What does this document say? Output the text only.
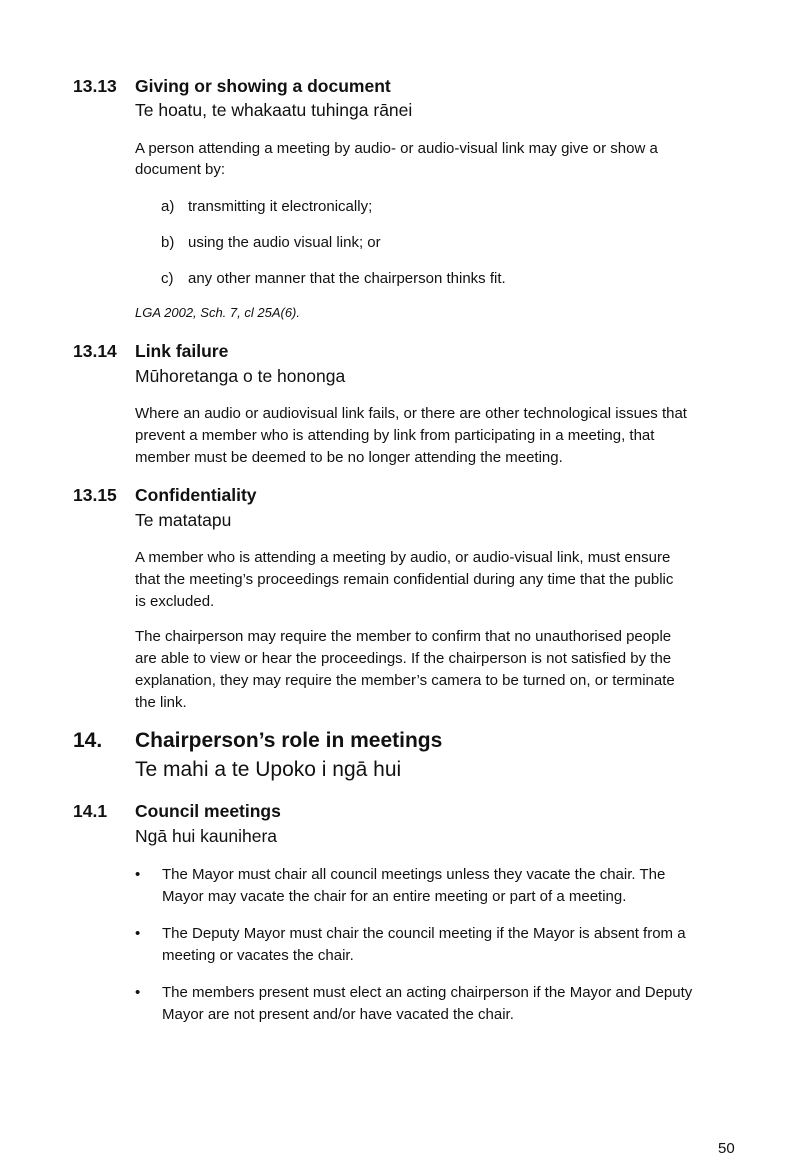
13.13 Giving or showing a document
Te hoatu, te whakaatu tuhinga rānei
A person attending a meeting by audio- or audio-visual link may give or show a
document by:
a) transmitting it electronically;
b) using the audio visual link; or
c) any other manner that the chairperson thinks fit.
LGA 2002, Sch. 7, cl 25A(6).
13.14 Link failure
Mūhoretanga o te hononga
Where an audio or audiovisual link fails, or there are other technological issues that
prevent a member who is attending by link from participating in a meeting, that
member must be deemed to be no longer attending the meeting.
13.15 Confidentiality
Te matatapu
A member who is attending a meeting by audio, or audio-visual link, must ensure
that the meeting’s proceedings remain confidential during any time that the public
is excluded.
The chairperson may require the member to confirm that no unauthorised people
are able to view or hear the proceedings. If the chairperson is not satisfied by the
explanation, they may require the member’s camera to be turned on, or terminate
the link.
14. Chairperson’s role in meetings
Te mahi a te Upoko i ngā hui
14.1 Council meetings
Ngā hui kaunihera
• The Mayor must chair all council meetings unless they vacate the chair. The
Mayor may vacate the chair for an entire meeting or part of a meeting.
• The Deputy Mayor must chair the council meeting if the Mayor is absent from a
meeting or vacates the chair.
• The members present must elect an acting chairperson if the Mayor and Deputy
Mayor are not present and/or have vacated the chair.
50
